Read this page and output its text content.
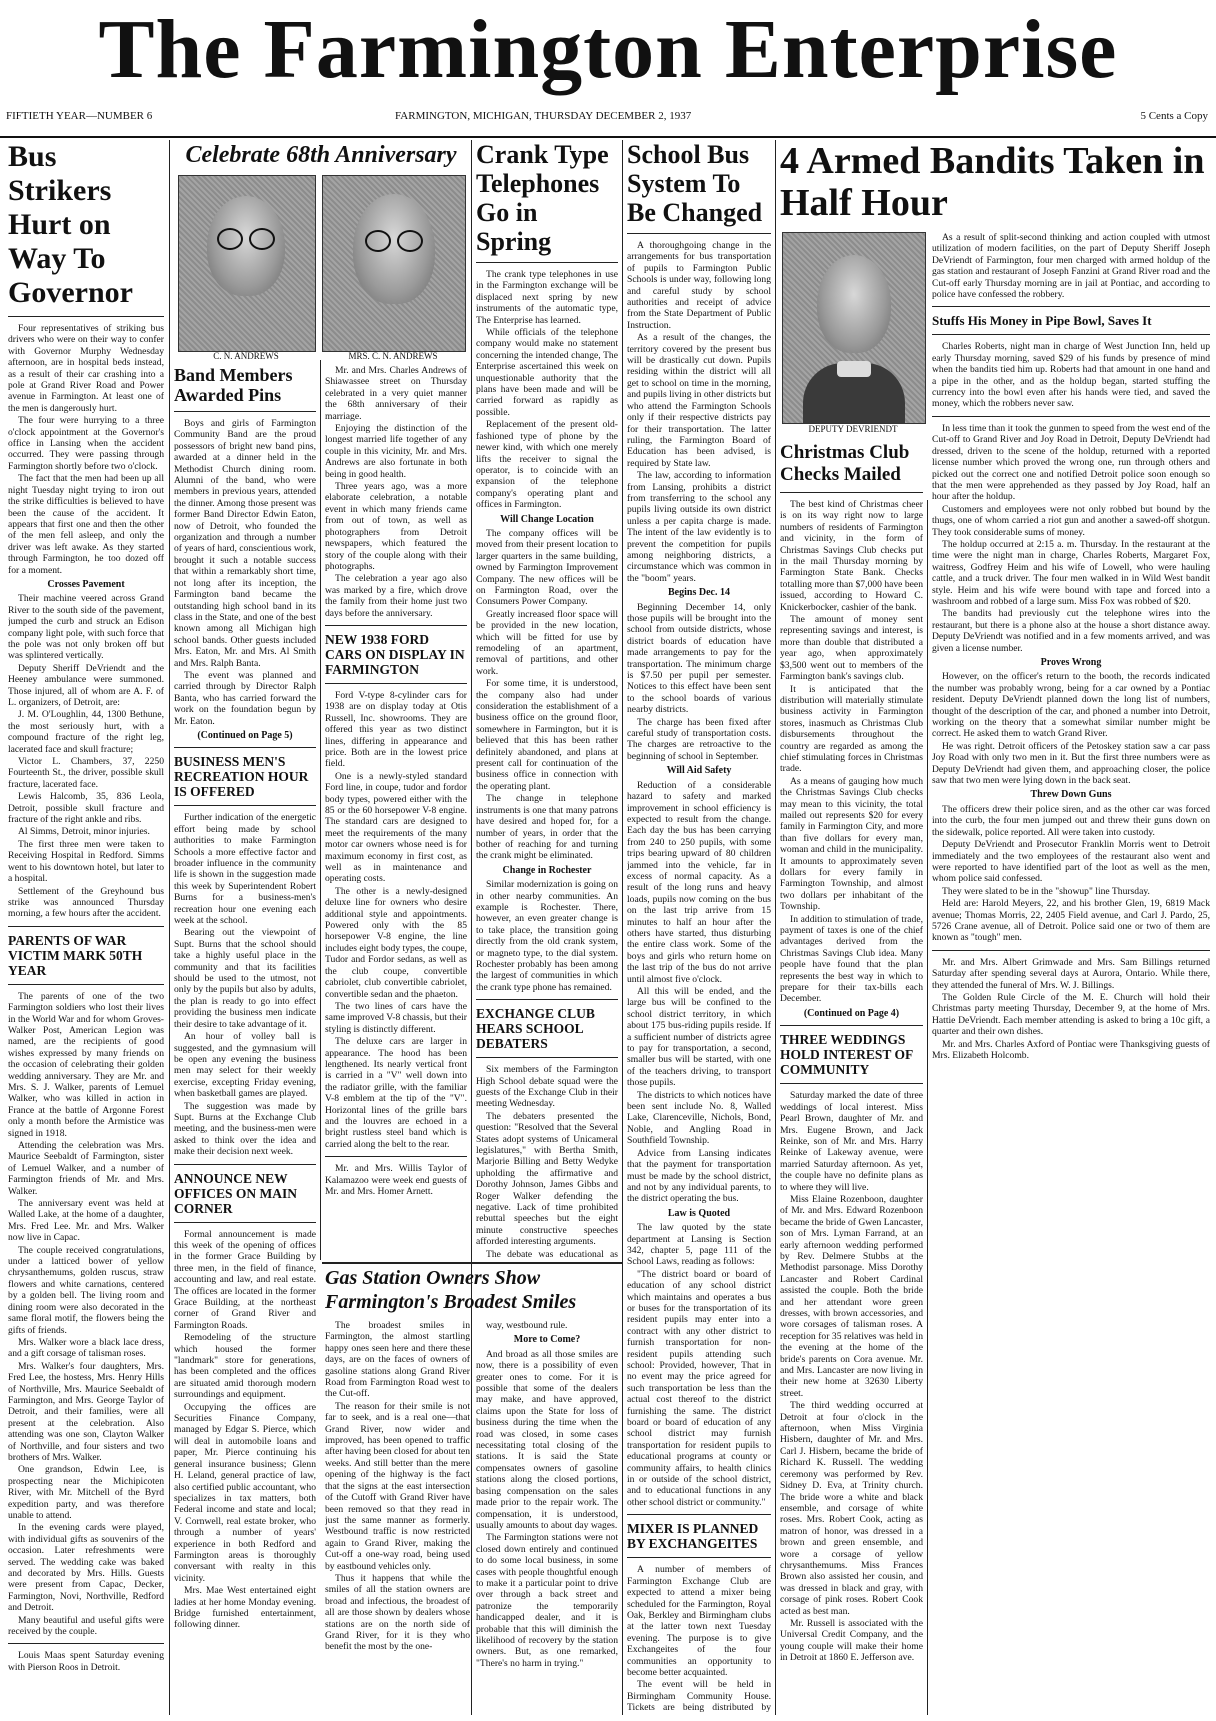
The Farmington Enterprise
FIFTIETH YEAR—NUMBER 6	FARMINGTON, MICHIGAN, THURSDAY DECEMBER 2, 1937	5 Cents a Copy
Bus Strikers Hurt on Way To Governor

Four representatives of striking bus drivers who were on their way to confer with Governor Murphy Wednesday afternoon, are in hospital beds instead, as a result of their car crashing into a pole at Grand River Road and Power avenue in Farmington. At least one of the men is dangerously hurt.

The four were hurrying to a three o'clock appointment at the Governor's office in Lansing when the accident occurred. They were passing through Farmington shortly before two o'clock.

The fact that the men had been up all night Tuesday night trying to iron out the strike difficulties is believed to have been the cause of the accident. It appears that first one and then the other of the men fell asleep, and only the driver was left awake. As they started through Farmington, he too dozed off for a moment.

Crosses Pavement

Their machine veered across Grand River to the south side of the pavement, jumped the curb and struck an Edison company light pole, with such force that the pole was not only broken off but was splintered vertically.

Deputy Sheriff DeVriendt and the Heeney ambulance were summoned. Those injured, all of whom are A. F. of L. organizers, of Detroit, are:

J. M. O'Loughlin, 44, 1300 Bethune, the most seriously hurt, with a compound fracture of the right leg, lacerated face and skull fracture;

Victor L. Chambers, 37, 2250 Fourteenth St., the driver, possible skull fracture, lacerated face.

Lewis Halcomb, 35, 836 Leola, Detroit, possible skull fracture and fracture of the right ankle and ribs.

Al Simms, Detroit, minor injuries.

The first three men were taken to Receiving Hospital in Redford. Simms went to his downtown hotel, but later to a hospital.

Settlement of the Greyhound bus strike was announced Thursday morning, a few hours after the accident.

PARENTS OF WAR VICTIM MARK 50TH YEAR

The parents of one of the two Farmington soldiers who lost their lives in the World War and for whom Groves-Walker Post, American Legion was named, are the recipients of good wishes expressed by many friends on the occasion of celebrating their golden wedding anniversary. They are Mr. and Mrs. S. J. Walker, parents of Lemuel Walker, who was killed in action in France at the battle of Argonne Forest only a month before the Armistice was signed in 1918.

Attending the celebration was Mrs. Maurice Seebaldt of Farmington, sister of Lemuel Walker, and a number of Farmington friends of Mr. and Mrs. Walker.

The anniversary event was held at Walled Lake, at the home of a daughter, Mrs. Fred Lee. Mr. and Mrs. Walker now live in Capac.

The couple received congratulations, under a latticed bower of yellow chrysanthemums, golden ruscus, straw flowers and white carnations, centered by a golden bell. The living room and dining room were also decorated in the same floral motif, the flowers being the gifts of friends.

Mrs. Walker wore a black lace dress, and a gift corsage of talisman roses.

Mrs. Walker's four daughters, Mrs. Fred Lee, the hostess, Mrs. Henry Hills of Northville, Mrs. Maurice Seebaldt of Farmington, and Mrs. George Taylor of Detroit, and their families, were all present at the celebration. Also attending was one son, Clayton Walker of Northville, and four sisters and two brothers of Mrs. Walker.

One grandson, Edwin Lee, is prospecting near the Michipicoten River, with Mr. Mitchell of the Byrd expedition party, and was therefore unable to attend.

In the evening cards were played, with individual gifts as souvenirs of the occasion. Later refreshments were served. The wedding cake was baked and decorated by Mrs. Hills. Guests were present from Capac, Decker, Farmington, Novi, Northville, Redford and Detroit.

Many beautiful and useful gifts were received by the couple.

Louis Maas spent Saturday evening with Pierson Roos in Detroit.

Celebrate 68th Anniversary
C. N. ANDREWS	MRS. C. N. ANDREWS
Band Members Awarded Pins

Boys and girls of Farmington Community Band are the proud possessors of bright new band pins, awarded at a dinner held in the Methodist Church dining room. Alumni of the band, who were members in previous years, attended the dinner. Among those present was former Band Director Edwin Eaton, now of Detroit, who founded the organization and through a number of years of hard, conscientious work, brought it such a notable success that within a remarkably short time, not long after its inception, the Farmington band became the outstanding high school band in its class in the State, and one of the best known among all Michigan high school bands. Other guests included Mrs. Eaton, Mr. and Mrs. Al Smith and Mrs. Ralph Banta.

The event was planned and carried through by Director Ralph Banta, who has carried forward the work on the foundation begun by Mr. Eaton.

(Continued on Page 5)
BUSINESS MEN'S RECREATION HOUR IS OFFERED

Further indication of the energetic effort being made by school authorities to make Farmington Schools a more effective factor and broader influence in the community life is shown in the suggestion made this week by Superintendent Robert Burns for a business-men's recreation hour one evening each week at the school.

Bearing out the viewpoint of Supt. Burns that the school should take a highly useful place in the community and that its facilities should be used to the utmost, not only by the pupils but also by adults, the plan is ready to go into effect providing the business men indicate their desire to take advantage of it.

An hour of volley ball is suggested, and the gymnasium will be open any evening the business men may select for their weekly exercise, excepting Friday evening, when basketball games are played.

The suggestion was made by Supt. Burns at the Exchange Club meeting, and the business-men were asked to think over the idea and make their decision next week.

ANNOUNCE NEW OFFICES ON MAIN CORNER

Formal announcement is made this week of the opening of offices in the former Grace Building by three men, in the field of finance, accounting and law, and real estate. The offices are located in the former Grace Building, at the northeast corner of Grand River and Farmington Roads.

Remodeling of the structure which housed the former "landmark" store for generations, has been completed and the offices are situated amid thorough modern surroundings and equipment.

Occupying the offices are Securities Finance Company, managed by Edgar S. Pierce, which will deal in automobile loans and paper, Mr. Pierce continuing his general insurance business; Glenn H. Leland, general practice of law, also certified public accountant, who specializes in tax matters, both Federal income and state and local; V. Cornwell, real estate broker, who through a number of years' experience in both Redford and Farmington areas is thoroughly conversant with realty in this vicinity.

Mrs. Mae West entertained eight ladies at her home Monday evening. Bridge furnished entertainment, following dinner.

Mr. and Mrs. Charles Andrews of Shiawassee street on Thursday celebrated in a very quiet manner the 68th anniversary of their marriage.

Enjoying the distinction of the longest married life together of any couple in this vicinity, Mr. and Mrs. Andrews are also fortunate in both being in good health.

Three years ago, was a more elaborate celebration, a notable event in which many friends came from out of town, as well as photographers from Detroit newspapers, which featured the story of the couple along with their photographs.

The celebration a year ago also was marked by a fire, which drove the family from their home just two days before the anniversary.

NEW 1938 FORD CARS ON DISPLAY IN FARMINGTON

Ford V-type 8-cylinder cars for 1938 are on display today at Otis Russell, Inc. showrooms. They are offered this year as two distinct lines, differing in appearance and price. Both are in the lowest price field.

One is a newly-styled standard Ford line, in coupe, tudor and fordor body types, powered either with the 85 or the 60 horsepower V-8 engine. The standard cars are designed to meet the requirements of the many motor car owners whose need is for maximum economy in first cost, as well as in maintenance and operating costs.

The other is a newly-designed deluxe line for owners who desire additional style and appointments. Powered only with the 85 horsepower V-8 engine, the line includes eight body types, the coupe, Tudor and Fordor sedans, as well as the club coupe, convertible cabriolet, club convertible cabriolet, convertible sedan and the phaeton.

The two lines of cars have the same improved V-8 chassis, but their styling is distinctly different.

The deluxe cars are larger in appearance. The hood has been lengthened. Its nearly vertical front is carried in a "V" well down into the radiator grille, with the familiar V-8 emblem at the tip of the "V". Horizontal lines of the grille bars and the louvres are echoed in a bright rustless steel band which is carried along the belt to the rear.

Mr. and Mrs. Willis Taylor of Kalamazoo were week end guests of Mr. and Mrs. Homer Arnett.

Crank Type Telephones Go in Spring

The crank type telephones in use in the Farmington exchange will be displaced next spring by new instruments of the automatic type, The Enterprise has learned.

While officials of the telephone company would make no statement concerning the intended change, The Enterprise ascertained this week on unquestionable authority that the plans have been made and will be carried forward as rapidly as possible.

Replacement of the present old-fashioned type of phone by the newer kind, with which one merely lifts the receiver to signal the operator, is to coincide with an expansion of the telephone company's operating plant and offices in Farmington.

Will Change Location

The company offices will be moved from their present location to larger quarters in the same building, owned by Farmington Improvement Company. The new offices will be on Farmington Road, over the Consumers Power Company.

Greatly increased floor space will be provided in the new location, which will be fitted for use by remodeling of an apartment, removal of partitions, and other work.

For some time, it is understood, the company also had under consideration the establishment of a business office on the ground floor, somewhere in Farmington, but it is believed that this has been rather definitely abandoned, and plans at present call for continuation of the business office in connection with the operating plant.

The change in telephone instruments is one that many patrons have desired and hoped for, for a number of years, in order that the bother of reaching for and turning the crank might be eliminated.

Change in Rochester

Similar modernization is going on in other nearby communities. An example is Rochester. There, however, an even greater change is to take place, the transition going directly from the old crank system, or magneto type, to the dial system. Rochester probably has been among the largest of communities in which the crank type phone has remained.

EXCHANGE CLUB HEARS SCHOOL DEBATERS

Six members of the Farmington High School debate squad were the guests of the Exchange Club in their meeting Wednesday.

The debaters presented the question: "Resolved that the Several States adopt systems of Unicameral legislatures," with Bertha Smith, Marjorie Billing and Betty Wedyke upholding the affirmative and Dorothy Johnson, James Gibbs and Roger Walker defending the negative. Lack of time prohibited rebuttal speeches but the eight minute constructive speeches afforded interesting arguments.

The debate was educational as

School Bus System To Be Changed

A thoroughgoing change in the arrangements for bus transportation of pupils to Farmington Public Schools is under way, following long and careful study by school authorities and receipt of advice from the State Department of Public Instruction.

As a result of the changes, the territory covered by the present bus will be drastically cut down. Pupils residing within the district will all get to school on time in the morning, and pupils living in other districts but who attend the Farmington Schools only if their respective districts pay for their transportation. The latter ruling, the Farmington Board of Education has been advised, is required by State law.

The law, according to information from Lansing, prohibits a district from transferring to the school any pupils living outside its own district unless a per capita charge is made. The intent of the law evidently is to prevent the competition for pupils among neighboring districts, a circumstance which was common in the "boom" years.

Begins Dec. 14

Beginning December 14, only those pupils will be brought into the school from outside districts, whose district boards of education have made arrangements to pay for the transportation. The minimum charge is $7.50 per pupil per semester. Notices to this effect have been sent to the school boards of various nearby districts.

The charge has been fixed after careful study of transportation costs. The charges are retroactive to the beginning of school in September.

Will Aid Safety

Reduction of a considerable hazard to safety and marked improvement in school efficiency is expected to result from the change. Each day the bus has been carrying from 240 to 250 pupils, with some trips bearing upward of 80 children jammed into the vehicle, far in excess of normal capacity. As a result of the long runs and heavy loads, pupils now coming on the bus on the last trip arrive from 15 minutes to half an hour after the others have started, thus disturbing the entire class work. Some of the boys and girls who return home on the last trip of the bus do not arrive until almost five o'clock.

All this will be ended, and the large bus will be confined to the school district territory, in which about 175 bus-riding pupils reside. If a sufficient number of districts agree to pay for transportation, a second, smaller bus will be started, with one of the teachers driving, to transport those pupils.

The districts to which notices have been sent include No. 8, Walled Lake, Clarenceville, Nichols, Bond, Noble, and Angling Road in Southfield Township.

Advice from Lansing indicates that the payment for transportation must be made by the school district, and not by any individual parents, to the district operating the bus.

Law is Quoted

The law quoted by the state department at Lansing is Section 342, chapter 5, page 111 of the School Laws, reading as follows:

"The district board or board of education of any school district which maintains and operates a bus or buses for the transportation of its resident pupils may enter into a contract with any other district to furnish transportation for non-resident pupils attending such school: Provided, however, That in no event may the price agreed for such transportation be less than the actual cost thereof to the district furnishing the same. The district board or board of education of any school district may furnish transportation for resident pupils to educational programs at county or community affairs, to health clinics in or outside of the school district, and to educational functions in any other school district or community."

MIXER IS PLANNED BY EXCHANGEITES

A number of members of Farmington Exchange Club are expected to attend a mixer being scheduled for the Farmington, Royal Oak, Berkley and Birmingham clubs at the latter town next Tuesday evening. The purpose is to give Exchangeites of the four communities an opportunity to become better acquainted.

The event will be held in Birmingham Community House. Tickets are being distributed by

Gas Station Owners Show Farmington's Broadest Smiles

The broadest smiles in Farmington, the almost startling happy ones seen here and there these days, are on the faces of owners of gasoline stations along Grand River Road from Farmington Road west to the Cut-off.

The reason for their smile is not far to seek, and is a real one—that Grand River, now wider and improved, has been opened to traffic after having been closed for about ten weeks. And still better than the mere opening of the highway is the fact that the signs at the east intersection of the Cutoff with Grand River have been removed so that they read in just the same manner as formerly. Westbound traffic is now restricted again to Grand River, making the Cut-off a one-way road, being used by eastbound vehicles only.

Thus it happens that while the smiles of all the station owners are broad and infectious, the broadest of all are those shown by dealers whose stations are on the north side of Grand River, for it is they who benefit the most by the one-

way, westbound rule.

More to Come?

And broad as all those smiles are now, there is a possibility of even greater ones to come. For it is possible that some of the dealers may make, and have approved, claims upon the State for loss of business during the time when the road was closed, in some cases necessitating total closing of the stations. It is said the State compensates owners of gasoline stations along the closed portions, basing compensation on the sales made prior to the repair work. The compensation, it is understood, usually amounts to about day wages.

The Farmington stations were not closed down entirely and continued to do some local business, in some cases with people thoughtful enough to make it a particular point to drive over through a back street and patronize the temporarily handicapped dealer, and it is probable that this will diminish the likelihood of recovery by the station owners. But, as one remarked, "There's no harm in trying."

4 Armed Bandits Taken in Half Hour
DEPUTY DEVRIENDT
Christmas Club Checks Mailed

The best kind of Christmas cheer is on its way right now to large numbers of residents of Farmington and vicinity, in the form of Christmas Savings Club checks put in the mail Thursday morning by Farmington State Bank. Checks totalling more than $7,000 have been issued, according to Howard C. Knickerbocker, cashier of the bank.

The amount of money sent representing savings and interest, is more than double that distributed a year ago, when approximately $3,500 went out to members of the Farmington bank's savings club.

It is anticipated that the distribution will materially stimulate business activity in Farmington stores, inasmuch as Christmas Club disbursements throughout the country are regarded as among the chief stimulating forces in Christmas trade.

As a means of gauging how much the Christmas Savings Club checks may mean to this vicinity, the total mailed out represents $20 for every family in Farmington City, and more than five dollars for every man, woman and child in the municipality. It amounts to approximately seven dollars for every family in Farmington Township, and almost two dollars per inhabitant of the Township.

In addition to stimulation of trade, payment of taxes is one of the chief advantages derived from the Christmas Savings Club idea. Many people have found that the plan represents the best way in which to prepare for their tax-bills each December.

(Continued on Page 4)
THREE WEDDINGS HOLD INTEREST OF COMMUNITY

Saturday marked the date of three weddings of local interest. Miss Pearl Brown, daughter of Mr. and Mrs. Eugene Brown, and Jack Reinke, son of Mr. and Mrs. Harry Reinke of Lakeway avenue, were married Saturday afternoon. As yet, the couple have no definite plans as to where they will live.

Miss Elaine Rozenboon, daughter of Mr. and Mrs. Edward Rozenboon became the bride of Gwen Lancaster, son of Mrs. Lyman Farrand, at an early afternoon wedding performed by Rev. Delmere Stubbs at the Methodist parsonage. Miss Dorothy Lancaster and Robert Cardinal assisted the couple. Both the bride and her attendant wore green dresses, with brown accessories, and wore corsages of talisman roses. A reception for 35 relatives was held in the evening at the home of the bride's parents on Cora avenue. Mr. and Mrs. Lancaster are now living in their new home at 32630 Liberty street.

The third wedding occurred at Detroit at four o'clock in the afternoon, when Miss Virginia Hisbern, daughter of Mr. and Mrs. Carl J. Hisbern, became the bride of Richard K. Russell. The wedding ceremony was performed by Rev. Sidney D. Eva, at Trinity church. The bride wore a white and black ensemble, and corsage of white roses. Mrs. Robert Cook, acting as matron of honor, was dressed in a brown and green ensemble, and wore a corsage of yellow chrysanthemums. Miss Frances Brown also assisted her cousin, and was dressed in black and gray, with corsage of pink roses. Robert Cook acted as best man.

Mr. Russell is associated with the Universal Credit Company, and the young couple will make their home in Detroit at 1860 E. Jefferson ave.

As a result of split-second thinking and action coupled with utmost utilization of modern facilities, on the part of Deputy Sheriff Joseph DeVriendt of Farmington, four men charged with armed holdup of the gas station and restaurant of Joseph Fanzini at Grand River road and the Cut-off early Thursday morning are in jail at Pontiac, and according to police have confessed the robbery.

Stuffs His Money in Pipe Bowl, Saves It

Charles Roberts, night man in charge of West Junction Inn, held up early Thursday morning, saved $29 of his funds by presence of mind when the bandits tied him up. Roberts had that amount in one hand and a pipe in the other, and as the holdup began, started stuffing the currency into the bowl even after his hands were tied, and saved the money, which the robbers never saw.

In less time than it took the gunmen to speed from the west end of the Cut-off to Grand River and Joy Road in Detroit, Deputy DeVriendt had dressed, driven to the scene of the holdup, returned with a reported license number which proved the wrong one, run through others and picked out the correct one and notified Detroit police soon enough so that the men were apprehended as they passed by Joy Road, half an hour after the holdup.

Customers and employees were not only robbed but bound by the thugs, one of whom carried a riot gun and another a sawed-off shotgun. They took considerable sums of money.

The holdup occurred at 2:15 a. m. Thursday. In the restaurant at the time were the night man in charge, Charles Roberts, Margaret Fox, waitress, Godfrey Heim and his wife of Lowell, who were hauling cattle, and a truck driver. The four men walked in in Wild West bandit style. Heim and his wife were bound with tape and forced into a washroom and robbed of a large sum. Miss Fox was robbed of $20.

The bandits had previously cut the telephone wires into the restaurant, but there is a phone also at the house a short distance away. Deputy DeVriendt was notified and in a few moments arrived, and was given a license number.

Proves Wrong

However, on the officer's return to the booth, the records indicated the number was probably wrong, being for a car owned by a Pontiac resident. Deputy DeVriendt planned down the long list of numbers, thought of the description of the car, and phoned a number into Detroit, working on the theory that a somewhat similar number might be correct. He asked them to watch Grand River.

He was right. Detroit officers of the Petoskey station saw a car pass Joy Road with only two men in it. But the first three numbers were as Deputy DeVriendt had given them, and approaching closer, the police saw that two men were lying down in the back seat.

Threw Down Guns

The officers drew their police siren, and as the other car was forced into the curb, the four men jumped out and threw their guns down on the sidewalk, police reported. All were taken into custody.

Deputy DeVriendt and Prosecutor Franklin Morris went to Detroit immediately and the two employees of the restaurant also went and were reported to have identified part of the loot as well as the men, whom police said confessed.

They were slated to be in the "showup" line Thursday.

Held are: Harold Meyers, 22, and his brother Glen, 19, 6819 Mack avenue; Thomas Morris, 22, 2405 Field avenue, and Carl J. Pardo, 25, 5726 Crane avenue, all of Detroit. Police said one or two of them are known as "tough" men.

Mr. and Mrs. Albert Grimwade and Mrs. Sam Billings returned Saturday after spending several days at Aurora, Ontario. While there, they attended the funeral of Mrs. W. J. Billings.

The Golden Rule Circle of the M. E. Church will hold their Christmas party meeting Thursday, December 9, at the home of Mrs. Hattie DeVriendt. Each member attending is asked to bring a 10c gift, a quarter and their own dishes.

Mr. and Mrs. Charles Axford of Pontiac were Thanksgiving guests of Mrs. Elizabeth Holcomb.
